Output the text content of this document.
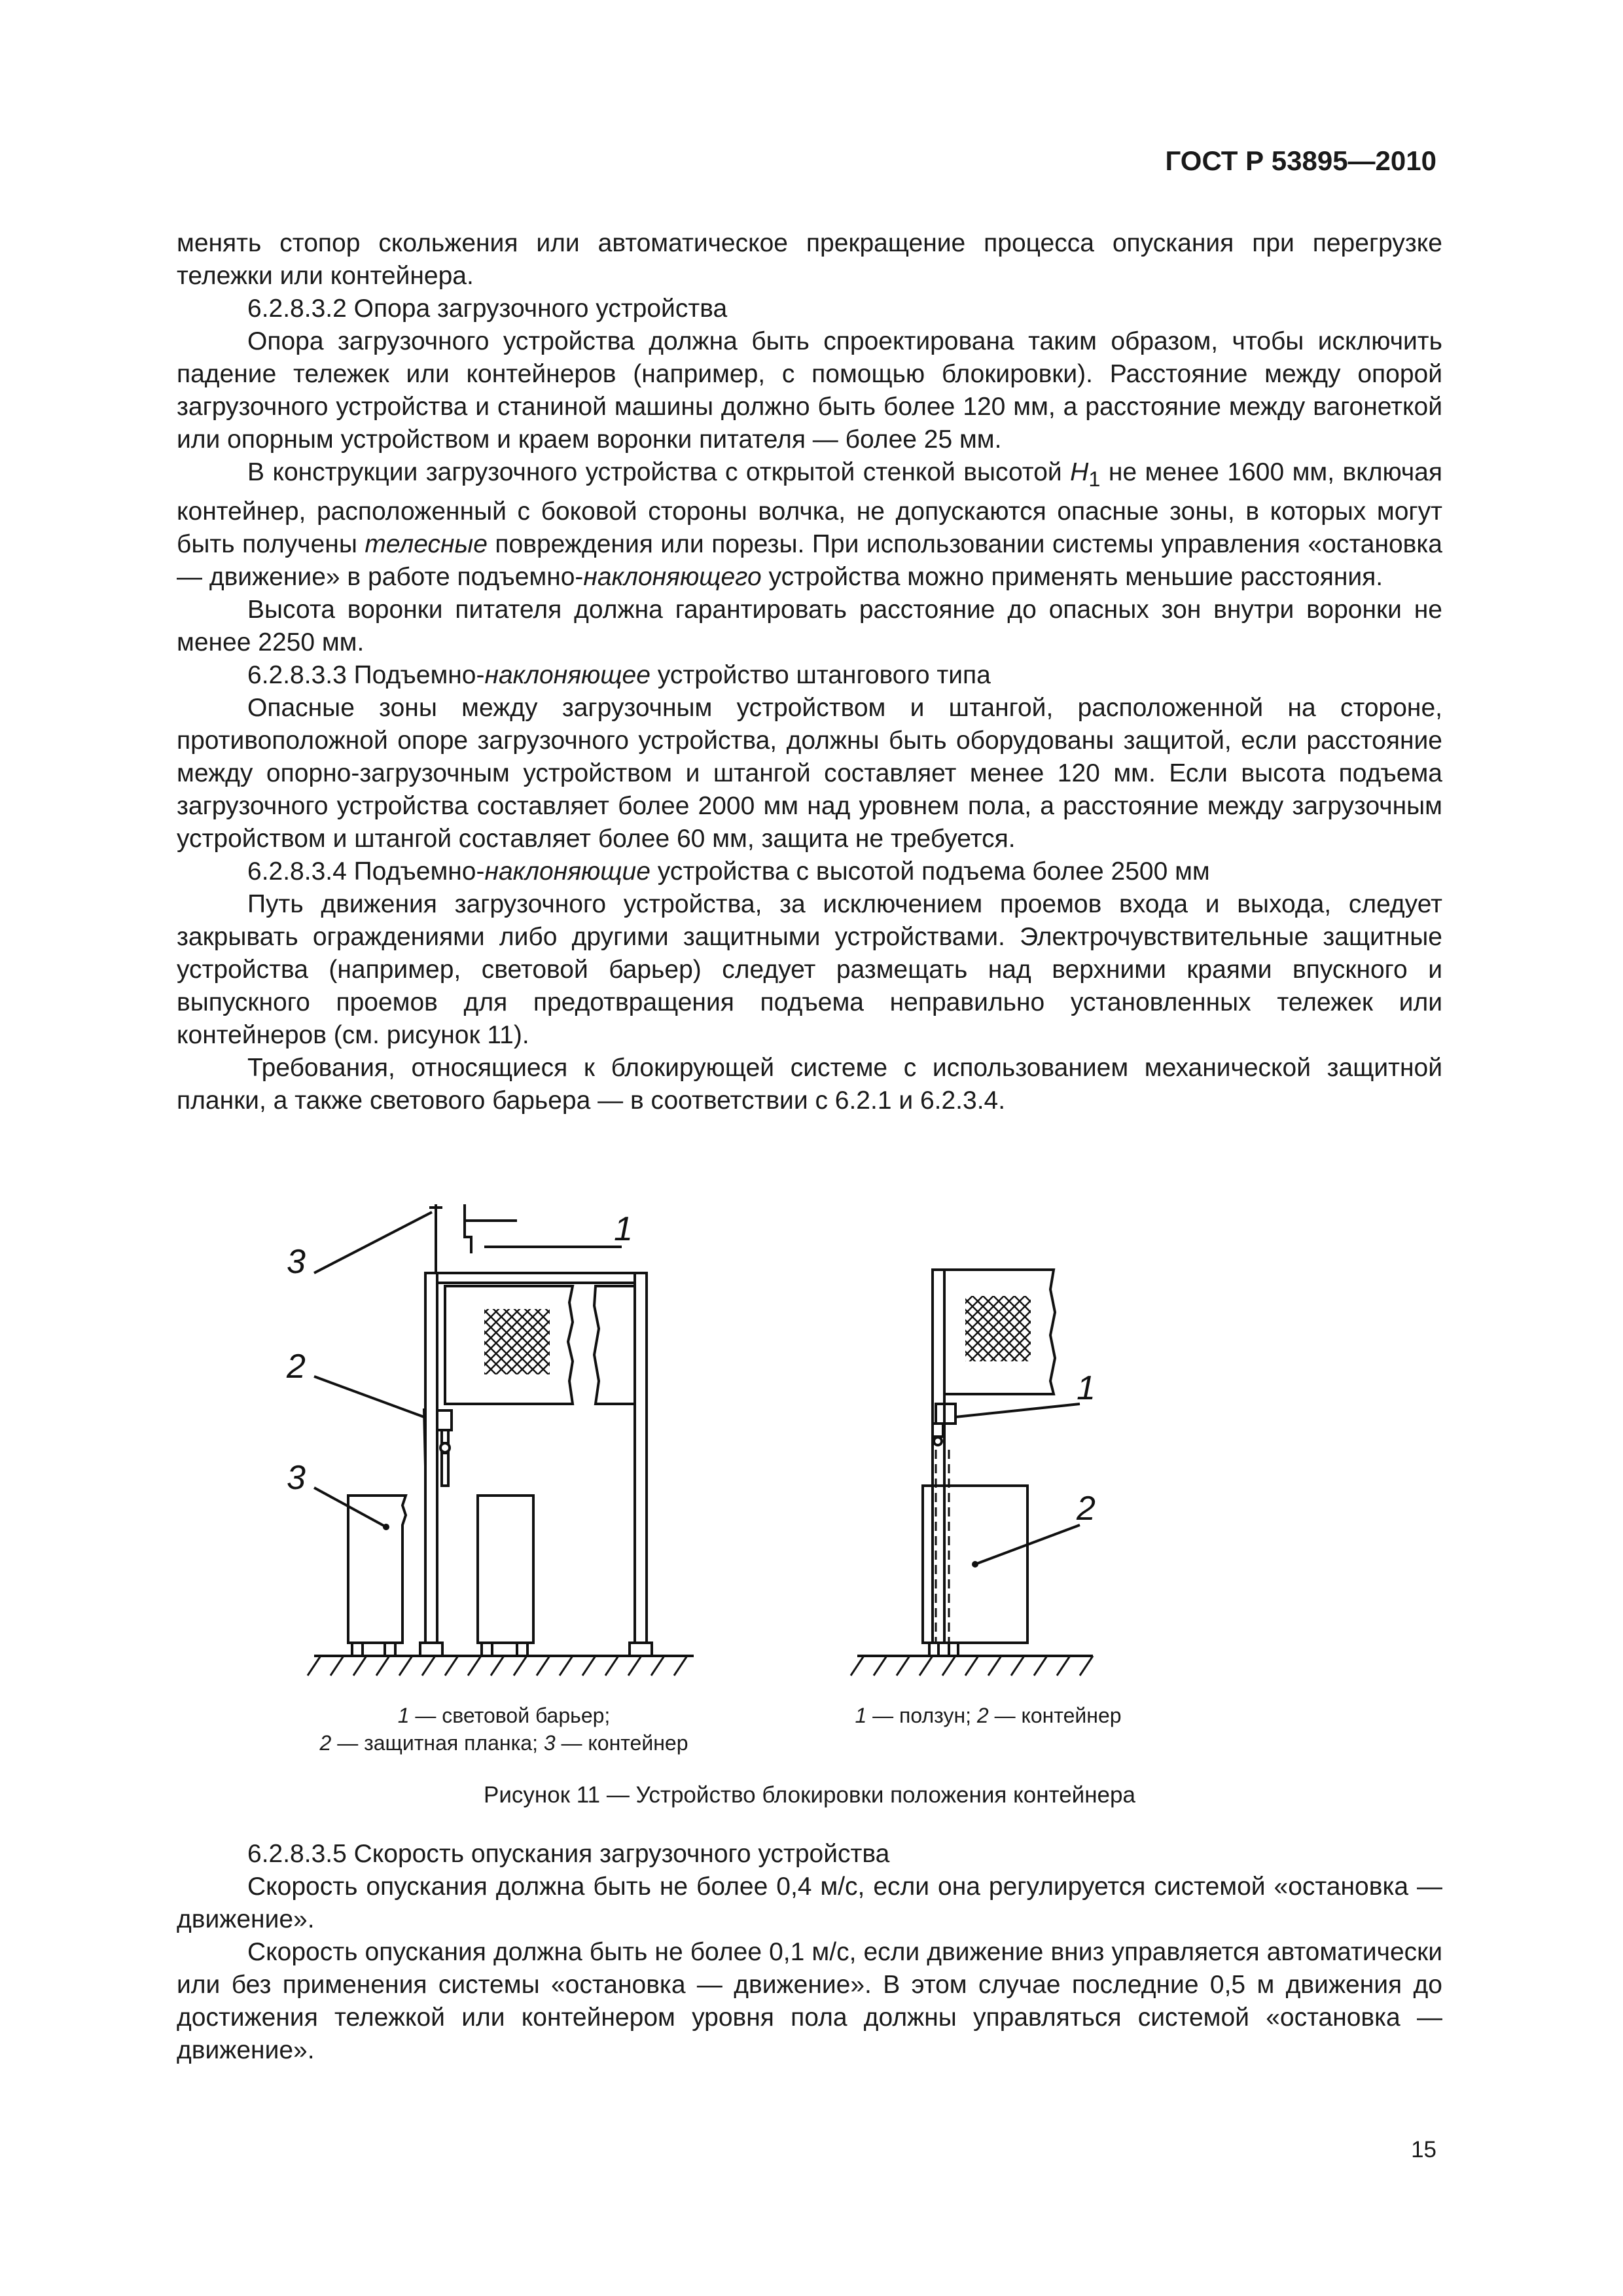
ГОСТ Р 53895—2010

менять стопор скольжения или автоматическое прекращение процесса опускания при перегрузке тележки или контейнера.

6.2.8.3.2 Опора загрузочного устройства

Опора загрузочного устройства должна быть спроектирована таким образом, чтобы исключить падение тележек или контейнеров (например, с помощью блокировки). Расстояние между опорой загрузочного устройства и станиной машины должно быть более 120 мм, а расстояние между вагонеткой или опорным устройством и краем воронки питателя — более 25 мм.

В конструкции загрузочного устройства с открытой стенкой высотой $H_1$ не менее 1600 мм, включая контейнер, расположенный с боковой стороны волчка, не допускаются опасные зоны, в которых могут быть получены телесные повреждения или порезы. При использовании системы управления «остановка — движение» в работе подъемно-наклоняющего устройства можно применять меньшие расстояния.

Высота воронки питателя должна гарантировать расстояние до опасных зон внутри воронки не менее 2250 мм.

6.2.8.3.3 Подъемно-наклоняющее устройство штангового типа

Опасные зоны между загрузочным устройством и штангой, расположенной на стороне, противоположной опоре загрузочного устройства, должны быть оборудованы защитой, если расстояние между опорно-загрузочным устройством и штангой составляет менее 120 мм. Если высота подъема загрузочного устройства составляет более 2000 мм над уровнем пола, а расстояние между загрузочным устройством и штангой составляет более 60 мм, защита не требуется.

6.2.8.3.4 Подъемно-наклоняющие устройства с высотой подъема более 2500 мм

Путь движения загрузочного устройства, за исключением проемов входа и выхода, следует закрывать ограждениями либо другими защитными устройствами. Электрочувствительные защитные устройства (например, световой барьер) следует размещать над верхними краями впускного и выпускного проемов для предотвращения подъема неправильно установленных тележек или контейнеров (см. рисунок 11).

Требования, относящиеся к блокирующей системе с использованием механической защитной планки, а также светового барьера — в соответствии с 6.2.1 и 6.2.3.4.

1
3
2
3
1
2
1 — световой барьер;
2 — защитная планка; 3 — контейнер
1 — ползун; 2 — контейнер
Рисунок 11 — Устройство блокировки положения контейнера

6.2.8.3.5 Скорость опускания загрузочного устройства

Скорость опускания должна быть не более 0,4 м/с, если она регулируется системой «остановка — движение».

Скорость опускания должна быть не более 0,1 м/с, если движение вниз управляется автоматически или без применения системы «остановка — движение». В этом случае последние 0,5 м движения до достижения тележкой или контейнером уровня пола должны управляться системой «остановка — движение».

15
